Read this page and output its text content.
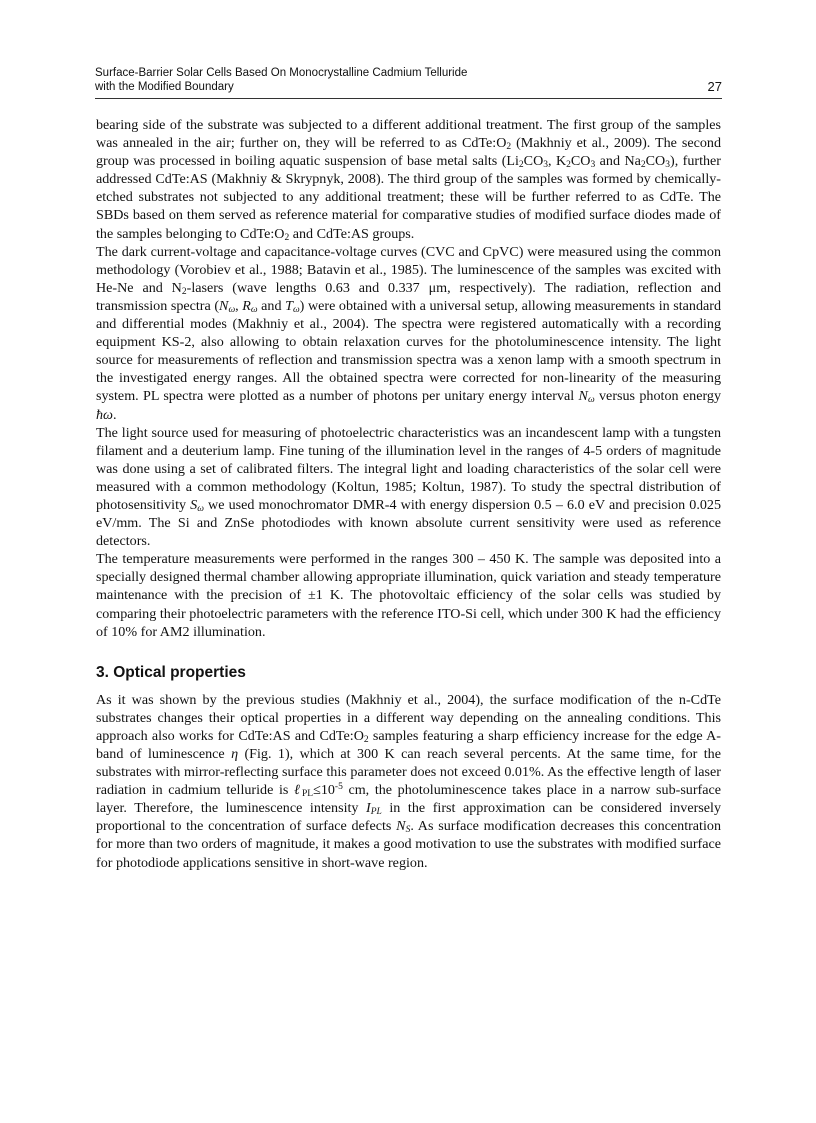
Surface-Barrier Solar Cells Based On Monocrystalline Cadmium Telluride
with the Modified Boundary	27

bearing side of the substrate was subjected to a different additional treatment. The first group of the samples was annealed in the air; further on, they will be referred to as $CdTe:O_2$ (Makhniy et al., 2009). The second group was processed in boiling aquatic suspension of base metal salts ($Li_2CO_3$, $K_2CO_3$ and $Na_2CO_3$), further addressed CdTe:AS (Makhniy & Skrypnyk, 2008). The third group of the samples was formed by chemically-etched substrates not subjected to any additional treatment; these will be further referred to as CdTe. The SBDs based on them served as reference material for comparative studies of modified surface diodes made of the samples belonging to $CdTe:O_2$ and CdTe:AS groups.

The dark current-voltage and capacitance-voltage curves (CVC and CpVC) were measured using the common methodology (Vorobiev et al., 1988; Batavin et al., 1985). The luminescence of the samples was excited with He-Ne and $N_2$-lasers (wave lengths 0.63 and 0.337 μm, respectively). The radiation, reflection and transmission spectra ($N_\omega$, $R_\omega$ and $T_\omega$) were obtained with a universal setup, allowing measurements in standard and differential modes (Makhniy et al., 2004). The spectra were registered automatically with a recording equipment KS-2, also allowing to obtain relaxation curves for the photoluminescence intensity. The light source for measurements of reflection and transmission spectra was a xenon lamp with a smooth spectrum in the investigated energy ranges. All the obtained spectra were corrected for non-linearity of the measuring system. PL spectra were plotted as a number of photons per unitary energy interval $N_\omega$ versus photon energy ħω.

The light source used for measuring of photoelectric characteristics was an incandescent lamp with a tungsten filament and a deuterium lamp. Fine tuning of the illumination level in the ranges of 4-5 orders of magnitude was done using a set of calibrated filters. The integral light and loading characteristics of the solar cell were measured with a common methodology (Koltun, 1985; Koltun, 1987). To study the spectral distribution of photosensitivity $S_\omega$ we used monochromator DMR-4 with energy dispersion 0.5 – 6.0 eV and precision 0.025 eV/mm. The Si and ZnSe photodiodes with known absolute current sensitivity were used as reference detectors.

The temperature measurements were performed in the ranges 300 – 450 K. The sample was deposited into a specially designed thermal chamber allowing appropriate illumination, quick variation and steady temperature maintenance with the precision of ±1 K. The photovoltaic efficiency of the solar cells was studied by comparing their photoelectric parameters with the reference ITO-Si cell, which under 300 K had the efficiency of 10% for AM2 illumination.

3. Optical properties

As it was shown by the previous studies (Makhniy et al., 2004), the surface modification of the n-CdTe substrates changes their optical properties in a different way depending on the annealing conditions. This approach also works for CdTe:AS and $CdTe:O_2$ samples featuring a sharp efficiency increase for the edge A-band of luminescence η (Fig. 1), which at 300 K can reach several percents. At the same time, for the substrates with mirror-reflecting surface this parameter does not exceed 0.01%. As the effective length of laser radiation in cadmium telluride is $\ell_{PL}\le 10^{-5}$ cm, the photoluminescence takes place in a narrow sub-surface layer. Therefore, the luminescence intensity $I_{PL}$ in the first approximation can be considered inversely proportional to the concentration of surface defects $N_S$. As surface modification decreases this concentration for more than two orders of magnitude, it makes a good motivation to use the substrates with modified surface for photodiode applications sensitive in short-wave region.
